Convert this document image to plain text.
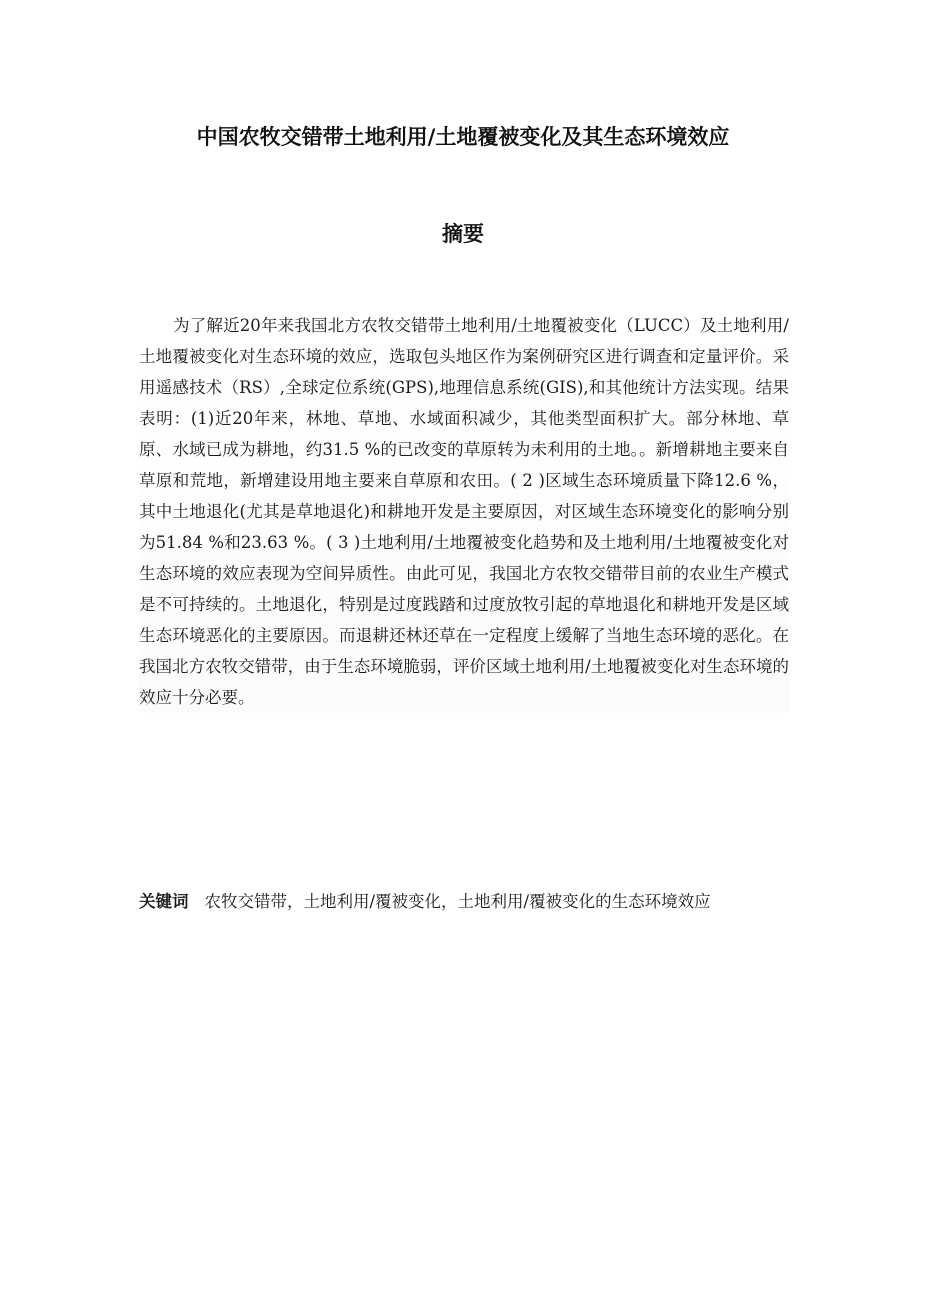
中国农牧交错带土地利用/土地覆被变化及其生态环境效应
摘要

为了解近20年来我国北方农牧交错带土地利用/土地覆被变化（LUCC）及土地利用/土地覆被变化对生态环境的效应，选取包头地区作为案例研究区进行调查和定量评价。采用遥感技术（RS）,全球定位系统(GPS),地理信息系统(GIS),和其他统计方法实现。结果表明：(1)近20年来，林地、草地、水域面积减少，其他类型面积扩大。部分林地、草原、水域已成为耕地，约31.5 %的已改变的草原转为未利用的土地。。新增耕地主要来自草原和荒地，新增建设用地主要来自草原和农田。( 2 )区域生态环境质量下降12.6 %，其中土地退化(尤其是草地退化)和耕地开发是主要原因，对区域生态环境变化的影响分别为51.84 %和23.63 %。( 3 )土地利用/土地覆被变化趋势和及土地利用/土地覆被变化对生态环境的效应表现为空间异质性。由此可见，我国北方农牧交错带目前的农业生产模式是不可持续的。土地退化，特别是过度践踏和过度放牧引起的草地退化和耕地开发是区域生态环境恶化的主要原因。而退耕还林还草在一定程度上缓解了当地生态环境的恶化。在我国北方农牧交错带，由于生态环境脆弱，评价区域土地利用/土地覆被变化对生态环境的效应十分必要。

关键词 农牧交错带，土地利用/覆被变化，土地利用/覆被变化的生态环境效应
